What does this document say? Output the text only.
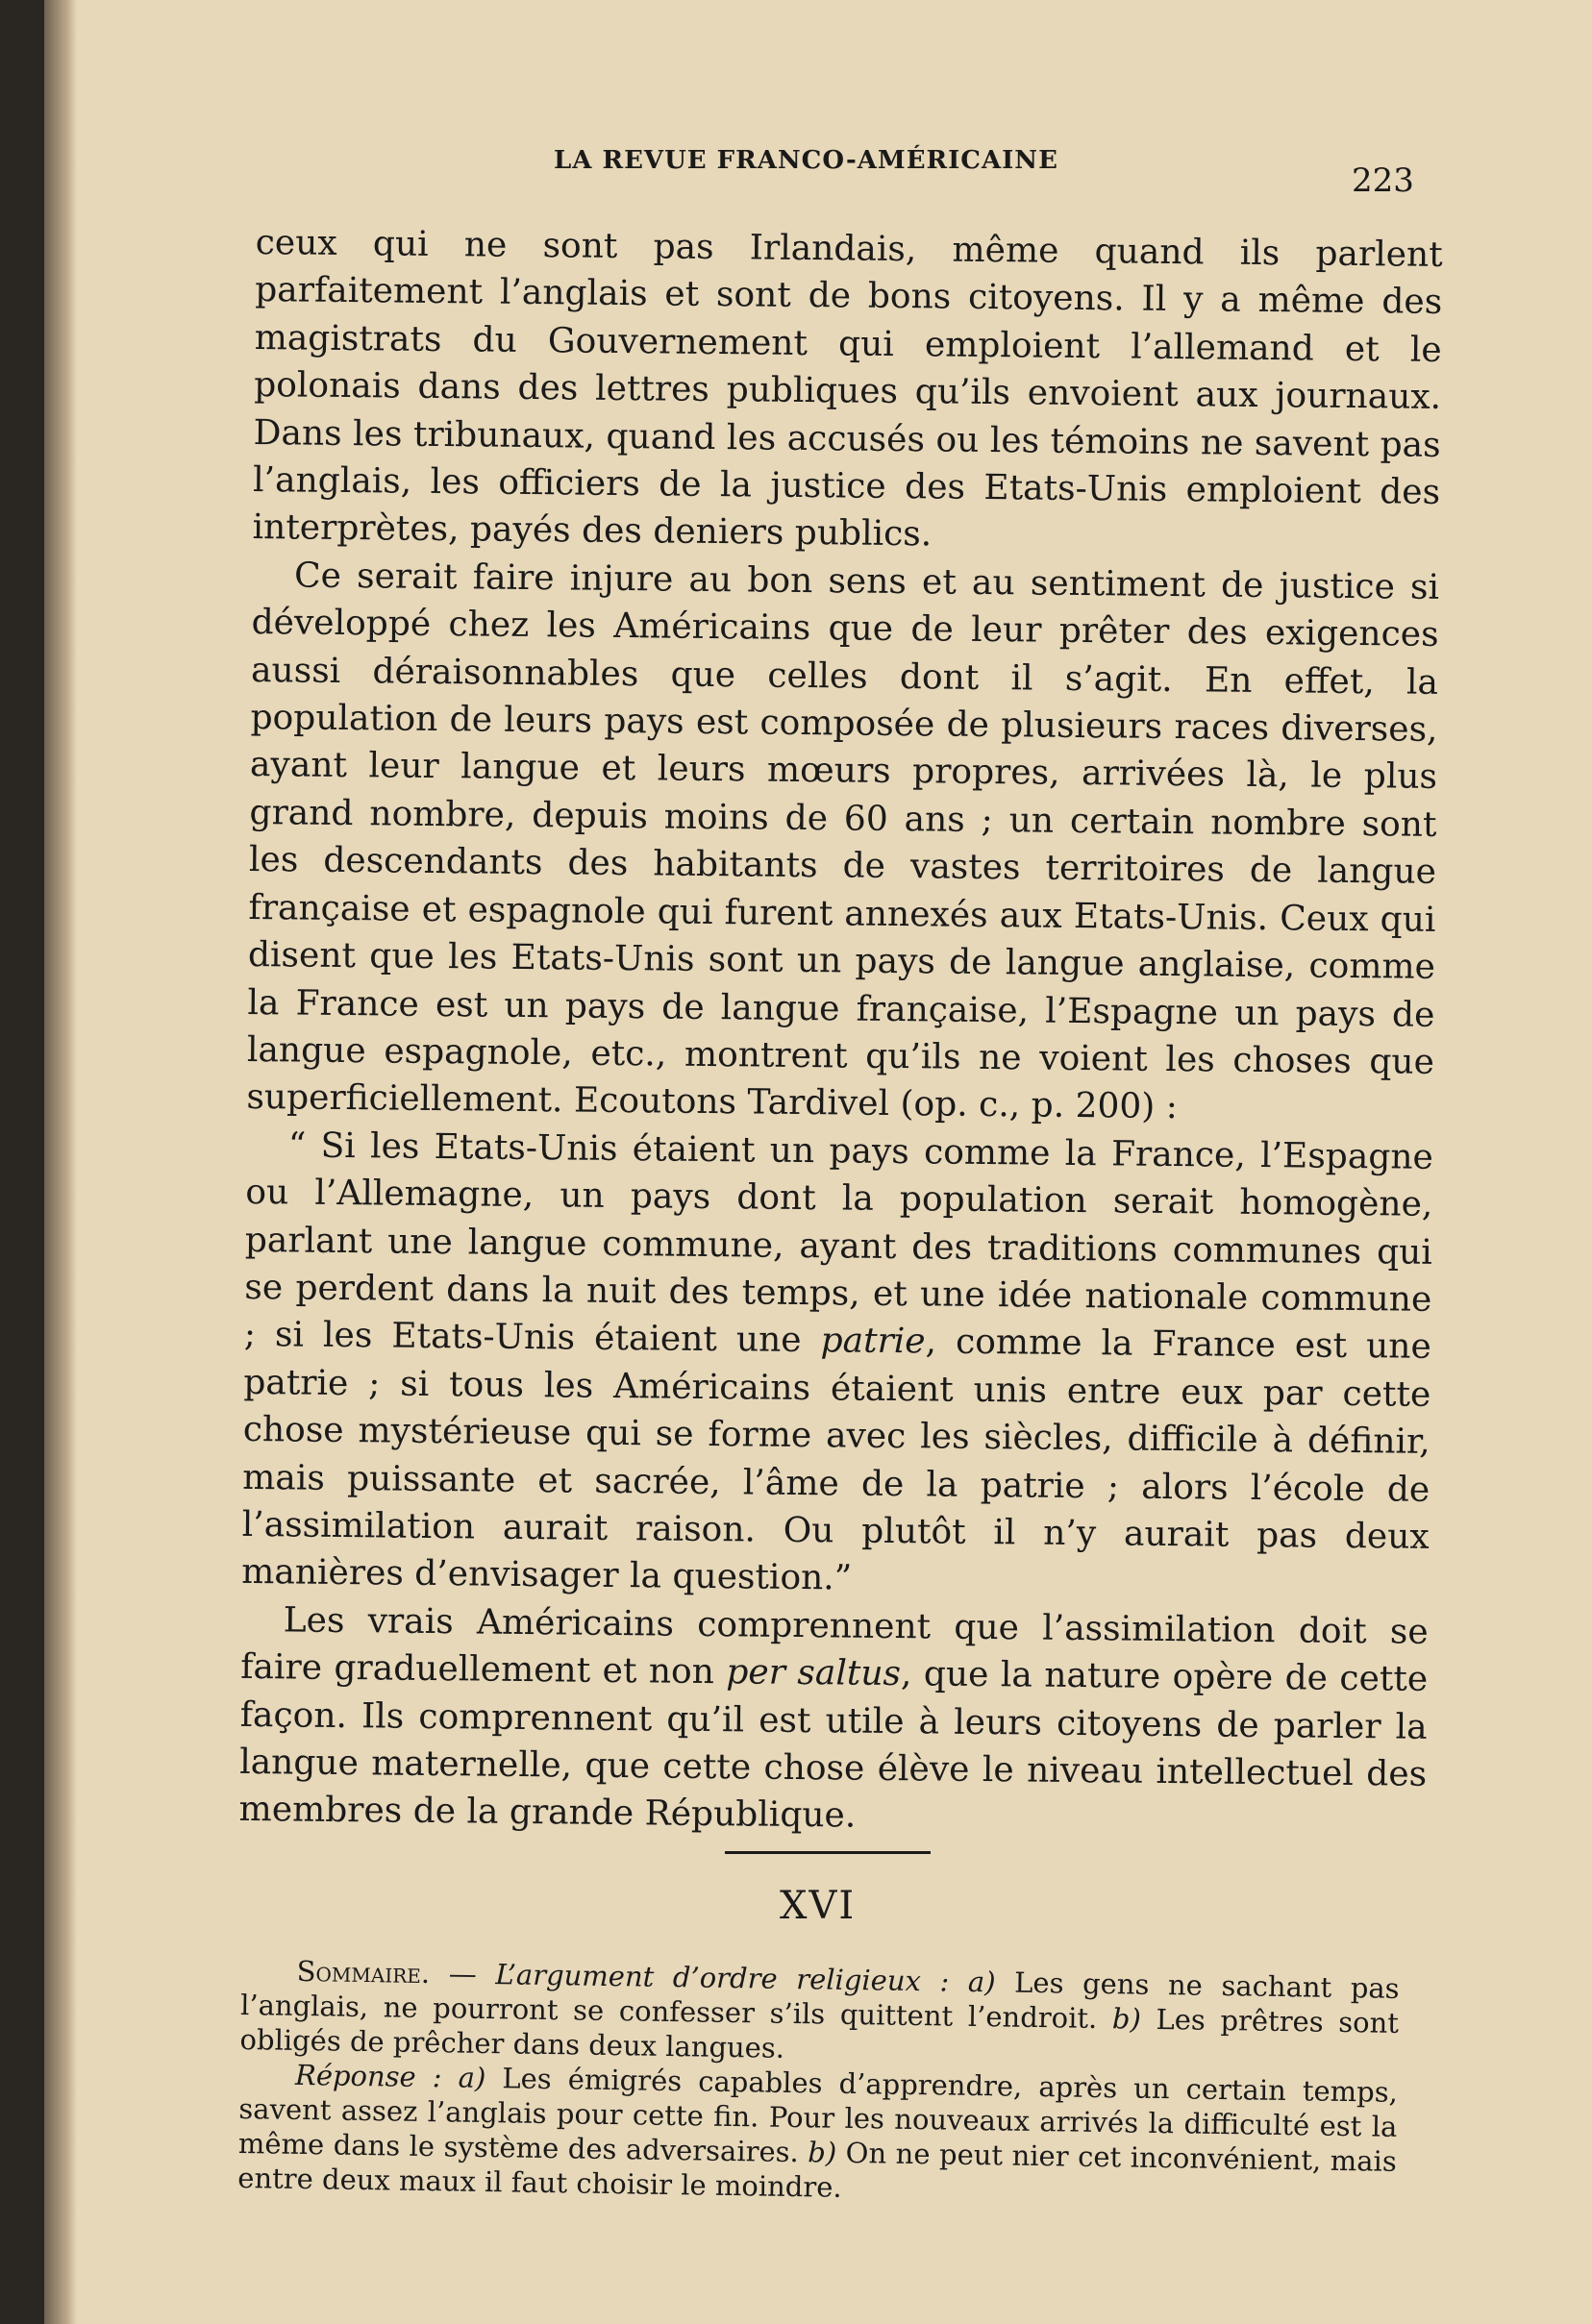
LA REVUE FRANCO-AMÉRICAINE
223

ceux qui ne sont pas Irlandais, même quand ils parlent parfaitement l’anglais et sont de bons citoyens. Il y a même des magistrats du Gouvernement qui emploient l’allemand et le polonais dans des lettres publiques qu’ils envoient aux journaux. Dans les tribunaux, quand les accusés ou les témoins ne savent pas l’anglais, les officiers de la justice des Etats-Unis emploient des interprètes, payés des deniers publics.

Ce serait faire injure au bon sens et au sentiment de justice si développé chez les Américains que de leur prêter des exigences aussi déraisonnables que celles dont il s’agit. En effet, la population de leurs pays est composée de plusieurs races diverses, ayant leur langue et leurs mœurs propres, arrivées là, le plus grand nombre, depuis moins de 60 ans ; un certain nombre sont les descendants des habitants de vastes territoires de langue française et espagnole qui furent annexés aux Etats-Unis. Ceux qui disent que les Etats-Unis sont un pays de langue anglaise, comme la France est un pays de langue française, l’Espagne un pays de langue espagnole, etc., montrent qu’ils ne voient les choses que superficiellement. Ecoutons Tardivel (op. c., p. 200) :

“ Si les Etats-Unis étaient un pays comme la France, l’Espagne ou l’Allemagne, un pays dont la population serait homogène, parlant une langue commune, ayant des traditions communes qui se perdent dans la nuit des temps, et une idée nationale commune ; si les Etats-Unis étaient une patrie, comme la France est une patrie ; si tous les Américains étaient unis entre eux par cette chose mystérieuse qui se forme avec les siècles, difficile à définir, mais puissante et sacrée, l’âme de la patrie ; alors l’école de l’assimilation aurait raison. Ou plutôt il n’y aurait pas deux manières d’envisager la question.”

Les vrais Américains comprennent que l’assimilation doit se faire graduellement et non per saltus, que la nature opère de cette façon. Ils comprennent qu’il est utile à leurs citoyens de parler la langue maternelle, que cette chose élève le niveau intellectuel des membres de la grande République.

XVI

Sommaire. — L’argument d’ordre religieux : a) Les gens ne sachant pas l’anglais, ne pourront se confesser s’ils quittent l’endroit. b) Les prêtres sont obligés de prêcher dans deux langues.

Réponse : a) Les émigrés capables d’apprendre, après un certain temps, savent assez l’anglais pour cette fin. Pour les nouveaux arrivés la difficulté est la même dans le système des adversaires. b) On ne peut nier cet inconvénient, mais entre deux maux il faut choisir le moindre.
